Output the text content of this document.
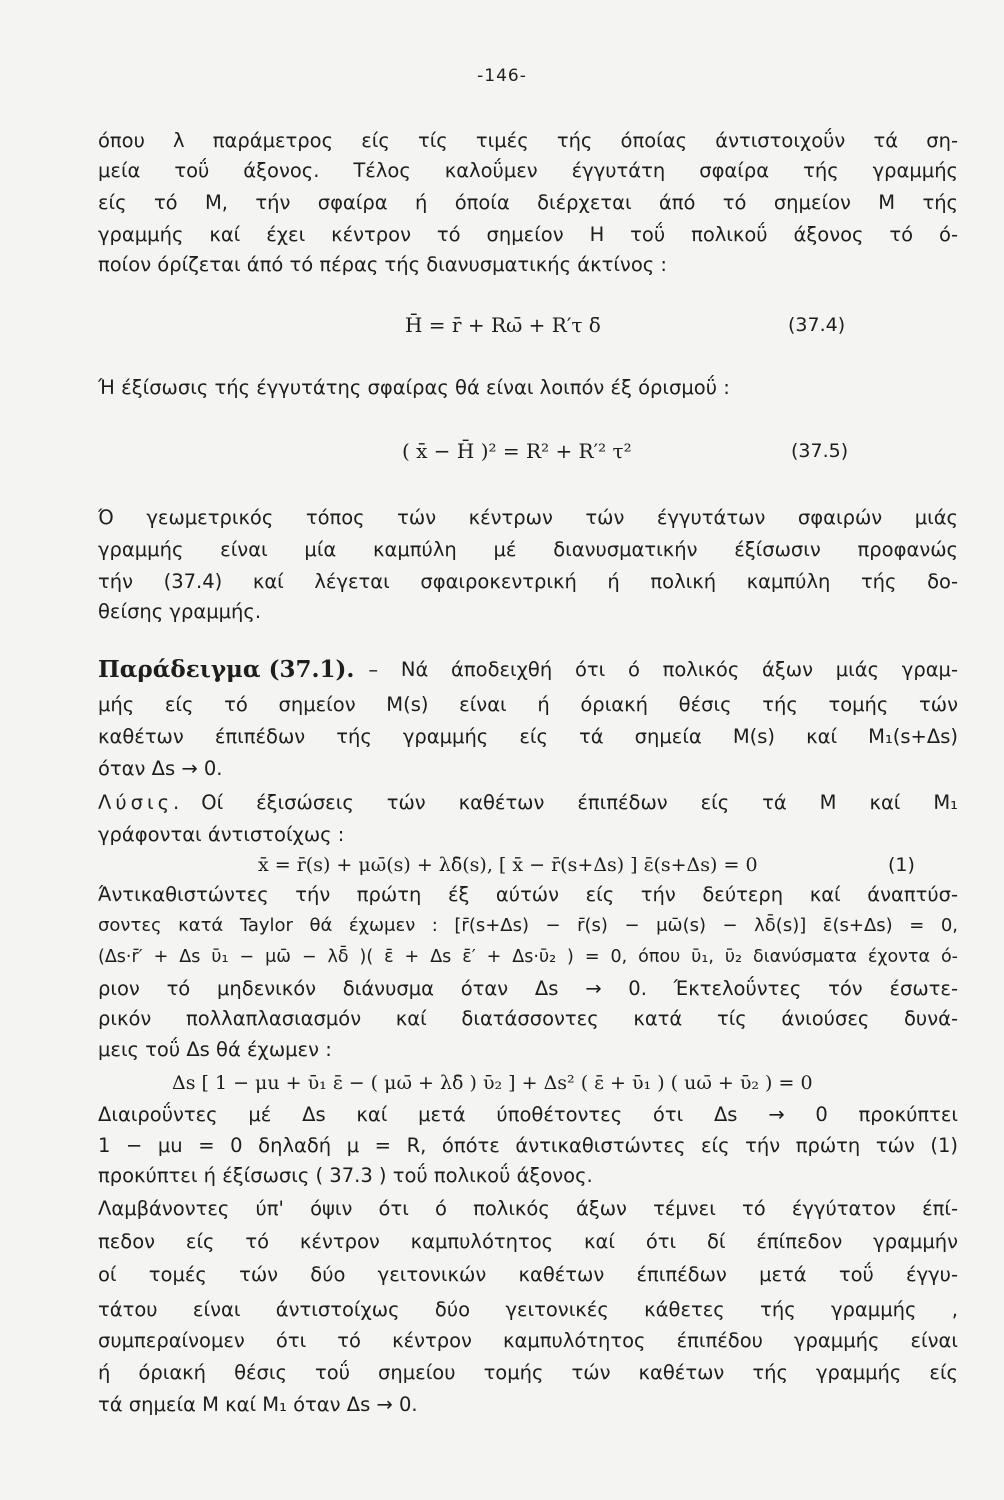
-146-
όπου λ παράμετρος είς τίς τιμές τής όποίας άντιστοιχοΰν τά ση-
μεία τοΰ άξονος. Τέλος καλοΰμεν έγγυτάτη σφαίρα τής γραμμής
είς τό Μ, τήν σφαίρα ή όποία διέρχεται άπό τό σημείον Μ τής
γραμμής καί έχει κέντρον τό σημείον H τοΰ πολικοΰ άξονος τό ό-
ποίον όρίζεται άπό τό πέρας τής διανυσματικής άκτίνος :
H̄ = r̄ + Rω̄ + R′τ δ̄	(37.4)
Ή έξίσωσις τής έγγυτάτης σφαίρας θά είναι λοιπόν έξ όρισμοΰ :
( x̄ − H̄ )² = R² + R′² τ²	(37.5)
Ό γεωμετρικός τόπος τών κέντρων τών έγγυτάτων σφαιρών μιάς
γραμμής είναι μία καμπύλη μέ διανυσματικήν έξίσωσιν προφανώς
τήν (37.4) καί λέγεται σφαιροκεντρική ή πολική καμπύλη τής δο-
θείσης γραμμής.
Παράδειγμα (37.1). – Νά άποδειχθή ότι ό πολικός άξων μιάς γραμ-
μής είς τό σημείον Μ(s) είναι ή όριακή θέσις τής τομής τών
καθέτων έπιπέδων τής γραμμής είς τά σημεία Μ(s) καί Μ₁(s+Δs)
όταν Δs → 0.
Λύσις. Οί έξισώσεις τών καθέτων έπιπέδων είς τά Μ καί Μ₁
γράφονται άντιστοίχως :
x̄ = r̄(s) + μω̄(s) + λδ̄(s), [ x̄ − r̄(s+Δs) ] ε̄(s+Δs) = 0	(1)
Άντικαθιστώντες τήν πρώτη έξ αύτών είς τήν δεύτερη καί άναπτύσ-
σοντες κατά Taylor θά έχωμεν : [r̄(s+Δs) − r̄(s) − μω̄(s) − λδ̄(s)] ε̄(s+Δs) = 0,
(Δs·r̄′ + Δs ῡ₁ − μω̄ − λδ̄ )( ε̄ + Δs ε̄′ + Δs·ῡ₂ ) = 0, όπου ῡ₁, ῡ₂ διανύσματα έχοντα ό-
ριον τό μηδενικόν διάνυσμα όταν Δs → 0. Έκτελοΰντες τόν έσωτε-
ρικόν πολλαπλασιασμόν καί διατάσσοντες κατά τίς άνιούσες δυνά-
μεις τοΰ Δs θά έχωμεν :
Δs [ 1 − μu + ῡ₁ ε̄ − ( μω̄ + λδ̄ ) ῡ₂ ] + Δs² ( ε̄ + ῡ₁ ) ( uω̄ + ῡ₂ ) = 0
Διαιροΰντες μέ Δs καί μετά ύποθέτοντες ότι Δs → 0 προκύπτει
1 − μu = 0 δηλαδή μ = R, όπότε άντικαθιστώντες είς τήν πρώτη τών (1)
προκύπτει ή έξίσωσις ( 37.3 ) τοΰ πολικοΰ άξονος.
Λαμβάνοντες ύπ' όψιν ότι ό πολικός άξων τέμνει τό έγγύτατον έπί-
πεδον είς τό κέντρον καμπυλότητος καί ότι δί έπίπεδον γραμμήν
οί τομές τών δύο γειτονικών καθέτων έπιπέδων μετά τοΰ έγγυ-
τάτου είναι άντιστοίχως δύο γειτονικές κάθετες τής γραμμής ,
συμπεραίνομεν ότι τό κέντρον καμπυλότητος έπιπέδου γραμμής είναι
ή όριακή θέσις τοΰ σημείου τομής τών καθέτων τής γραμμής είς
τά σημεία Μ καί Μ₁ όταν Δs → 0.
